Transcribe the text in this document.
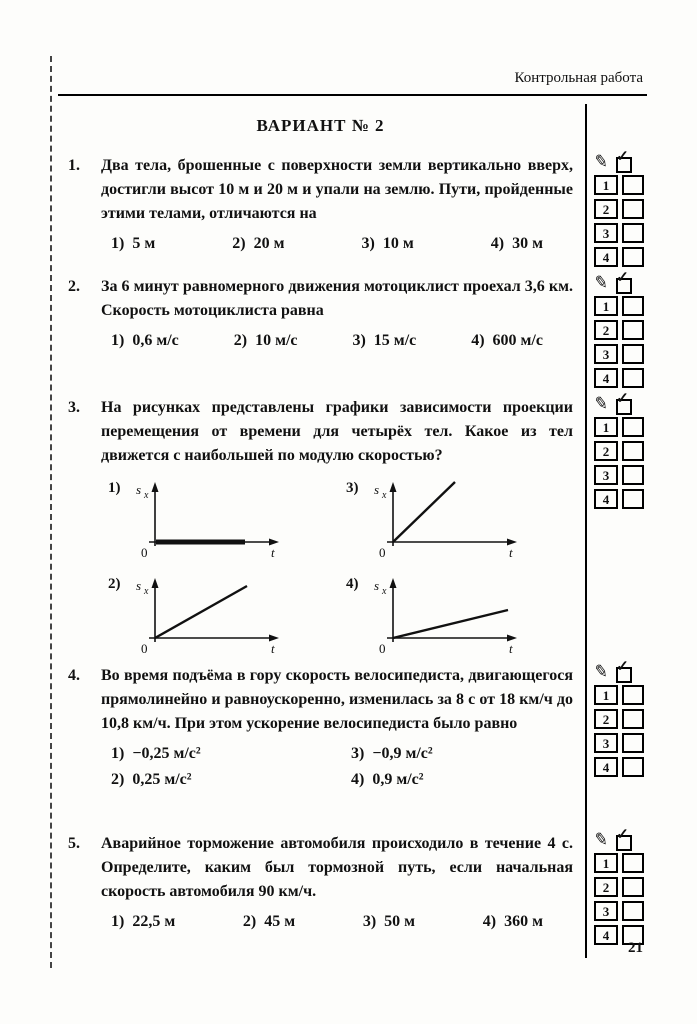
Контрольная работа
ВАРИАНТ № 2
1.	Два тела, брошенные с поверхности земли вертикально вверх, достигли высот 10 м и 20 м и упали на землю. Пути, пройденные этими телами, отличаются на
1)  5 м	2)  20 м	3)  10 м	4)  30 м
✎ ✓
1
2
3
4
2.	За 6 минут равномерного движения мотоциклист проехал 3,6 км. Скорость мотоциклиста равна
1)  0,6 м/с	2)  10 м/с	3)  15 м/с	4)  600 м/с
✎ ✓
1
2
3
4
3.	На рисунках представлены графики зависимости проекции перемещения от времени для четырёх тел. Какое из тел движется с наибольшей по модулю скоростью?
1) s x
0	t
3) s x
0	t
2) s x
0	t
4) s x
0	t
✎ ✓
1
2
3
4
4.	Во время подъёма в гору скорость велосипедиста, двигающегося прямолинейно и равноускоренно, изменилась за 8 с от 18 км/ч до 10,8 км/ч. При этом ускорение велосипедиста было равно
1)  −0,25 м/с²	3)  −0,9 м/с²
2)  0,25 м/с²	4)  0,9 м/с²
✎ ✓
1
2
3
4
5.	Аварийное торможение автомобиля происходило в течение 4 с. Определите, каким был тормозной путь, если начальная скорость автомобиля 90 км/ч.
1)  22,5 м	2)  45 м	3)  50 м	4)  360 м
✎ ✓
1
2
3
4
21
